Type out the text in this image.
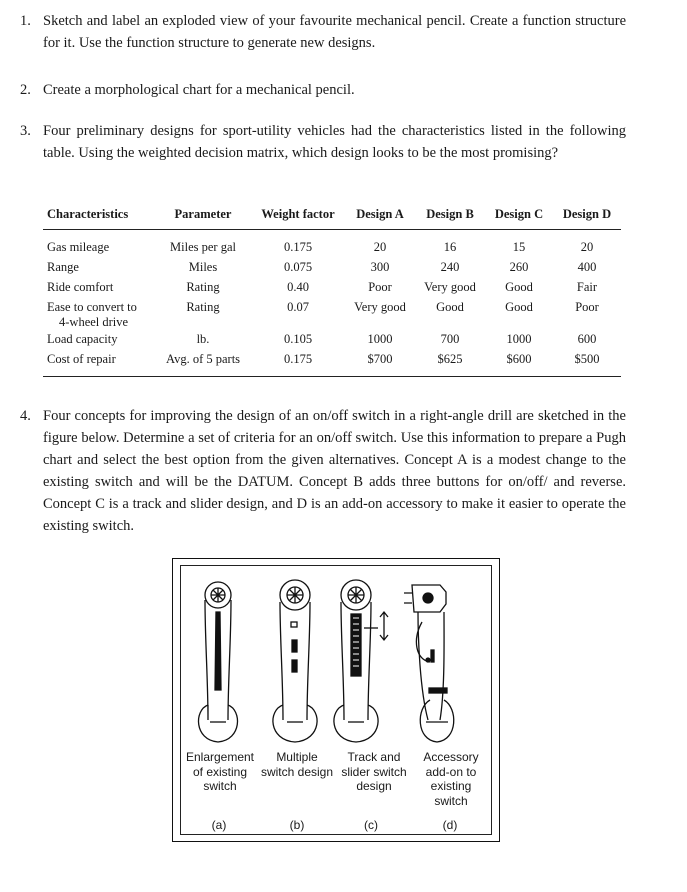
1. Sketch and label an exploded view of your favourite mechanical pencil. Create a function structure for it. Use the function structure to generate new designs.
2. Create a morphological chart for a mechanical pencil.
3. Four preliminary designs for sport-utility vehicles had the characteristics listed in the following table. Using the weighted decision matrix, which design looks to be the most promising?
Characteristics	Parameter	Weight factor	Design A	Design B	Design C	Design D
Gas mileage	Miles per gal	0.175	20	16	15	20
Range	Miles	0.075	300	240	260	400
Ride comfort	Rating	0.40	Poor	Very good	Good	Fair
Ease to convert to
4-wheel drive	Rating	0.07	Very good	Good	Good	Poor
Load capacity	lb.	0.105	1000	700	1000	600
Cost of repair	Avg. of 5 parts	0.175	$700	$625	$600	$500
4. Four concepts for improving the design of an on/off switch in a right-angle drill are sketched in the figure below. Determine a set of criteria for an on/off switch. Use this information to prepare a Pugh chart and select the best option from the given alternatives. Concept A is a modest change to the existing switch and will be the DATUM. Concept B adds three buttons for on/off/ and reverse. Concept C is a track and slider design, and D is an add-on accessory to make it easier to operate the existing switch.
Enlargement
of existing
switch
Multiple
switch design
Track and
slider switch
design
Accessory
add-on to
existing
switch
(a)	(b)	(c)	(d)
